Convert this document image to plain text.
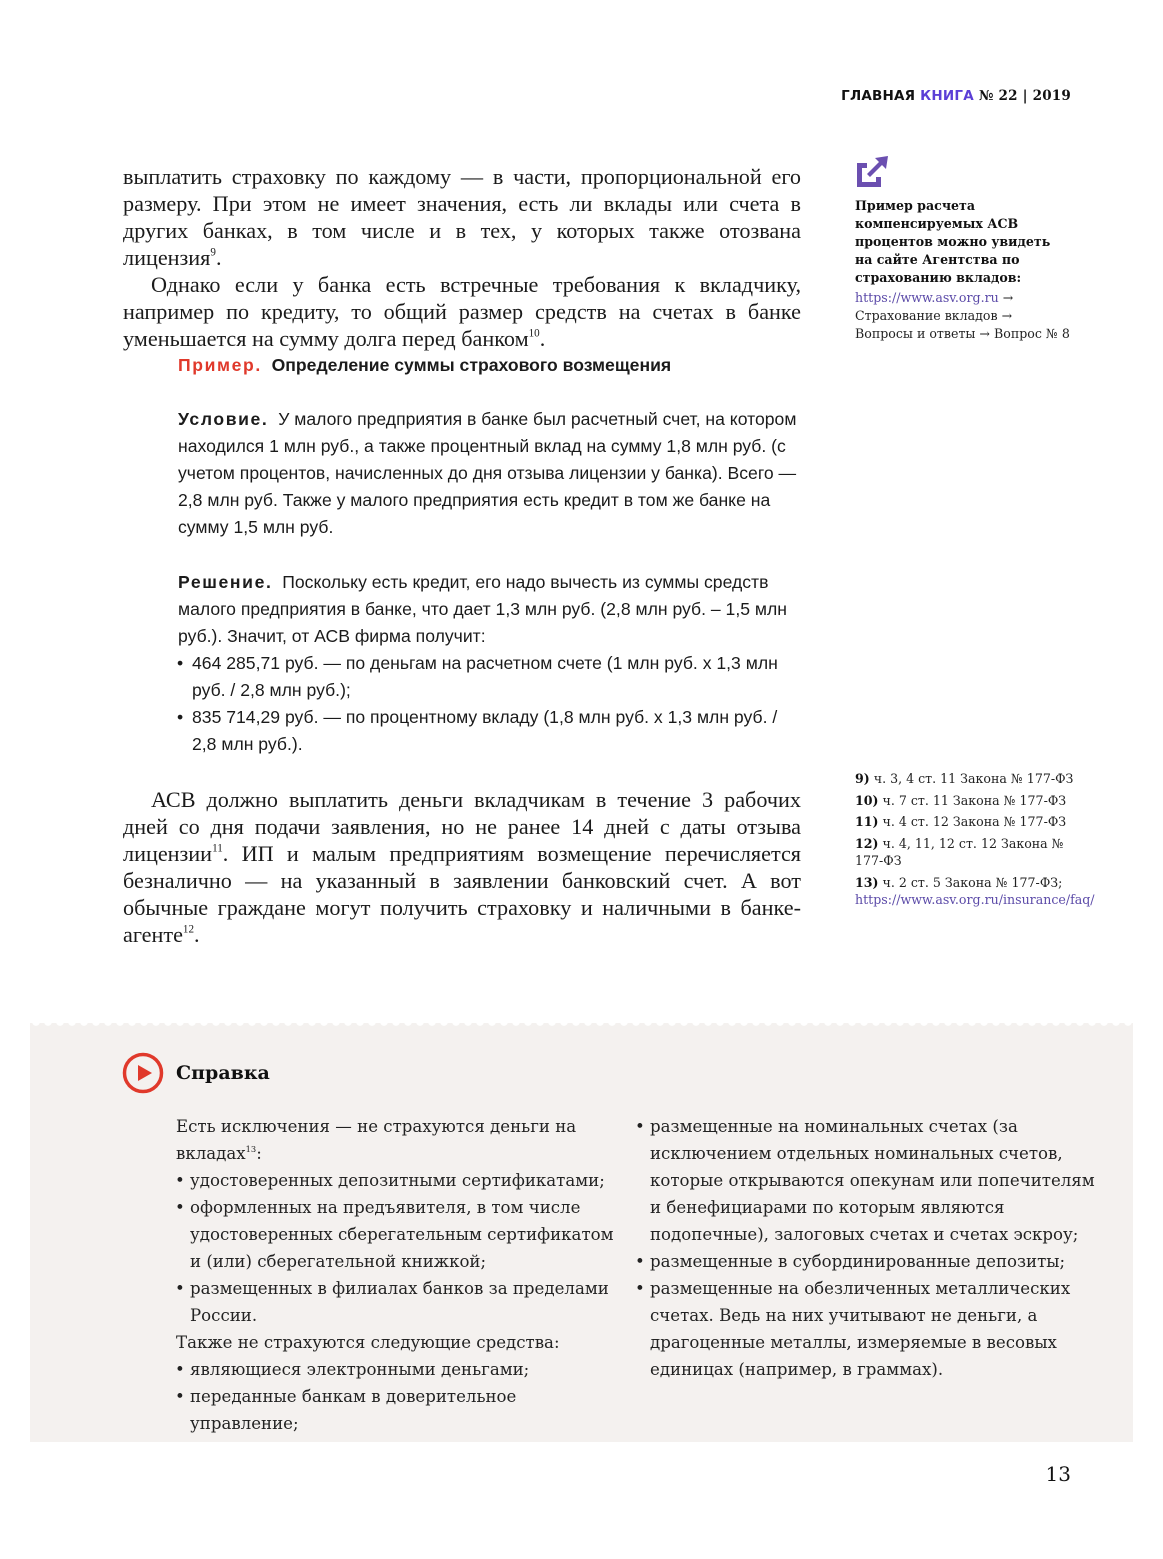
ГЛАВНАЯ КНИГА № 22 | 2019

выплатить страховку по каждому — в части, пропорциональной его размеру. При этом не имеет значения, есть ли вклады или счета в других банках, в том числе и в тех, у которых также отозвана лицензия$^9$.

Однако если у банка есть встречные требования к вкладчику, например по кредиту, то общий размер средств на счетах в банке уменьшается на сумму долга перед банком$^{10}$.

Пример. Определение суммы страхового возмещения

Условие. У малого предприятия в банке был расчетный счет, на котором находился 1 млн руб., а также процентный вклад на сумму 1,8 млн руб. (с учетом процентов, начисленных до дня отзыва лицензии у банка). Всего — 2,8 млн руб. Также у малого предприятия есть кредит в том же банке на сумму 1,5 млн руб.

Решение. Поскольку есть кредит, его надо вычесть из суммы средств малого предприятия в банке, что дает 1,3 млн руб. (2,8 млн руб. – 1,5 млн руб.). Значит, от АСВ фирма получит:

• 464 285,71 руб. — по деньгам на расчетном счете (1 млн руб. х 1,3 млн руб. / 2,8 млн руб.);
• 835 714,29 руб. — по процентному вкладу (1,8 млн руб. х 1,3 млн руб. / 2,8 млн руб.).

АСВ должно выплатить деньги вкладчикам в течение 3 рабочих дней со дня подачи заявления, но не ранее 14 дней с даты отзыва лицензии$^{11}$. ИП и малым предприятиям возмещение перечисляется безналично — на указанный в заявлении банковский счет. А вот обычные граждане могут получить страховку и наличными в банке-агенте$^{12}$.

Пример расчета компенсируемых АСВ процентов можно увидеть на сайте Агентства по страхованию вкладов:
https://www.asv.org.ru → Страхование вкладов → Вопросы и ответы → Вопрос № 8
9) ч. 3, 4 ст. 11 Закона № 177-ФЗ
10) ч. 7 ст. 11 Закона № 177-ФЗ
11) ч. 4 ст. 12 Закона № 177-ФЗ
12) ч. 4, 11, 12 ст. 12 Закона № 177-ФЗ
13) ч. 2 ст. 5 Закона № 177-ФЗ;
https://www.asv.org.ru/insurance/faq/
Справка

Есть исключения — не страхуются деньги на вкладах$^{13}$:

• удостоверенных депозитными сертификатами;
• оформленных на предъявителя, в том числе удостоверенных сберегательным сертификатом и (или) сберегательной книжкой;
• размещенных в филиалах банков за пределами России.

Также не страхуются следующие средства:

• являющиеся электронными деньгами;
• переданные банкам в доверительное управление;
• размещенные на номинальных счетах (за исключением отдельных номинальных счетов, которые открываются опекунам или попечителям и бенефициарами по которым являются подопечные), залоговых счетах и счетах эскроу;
• размещенные в субординированные депозиты;
• размещенные на обезличенных металлических счетах. Ведь на них учитывают не деньги, а драгоценные металлы, измеряемые в весовых единицах (например, в граммах).
13
